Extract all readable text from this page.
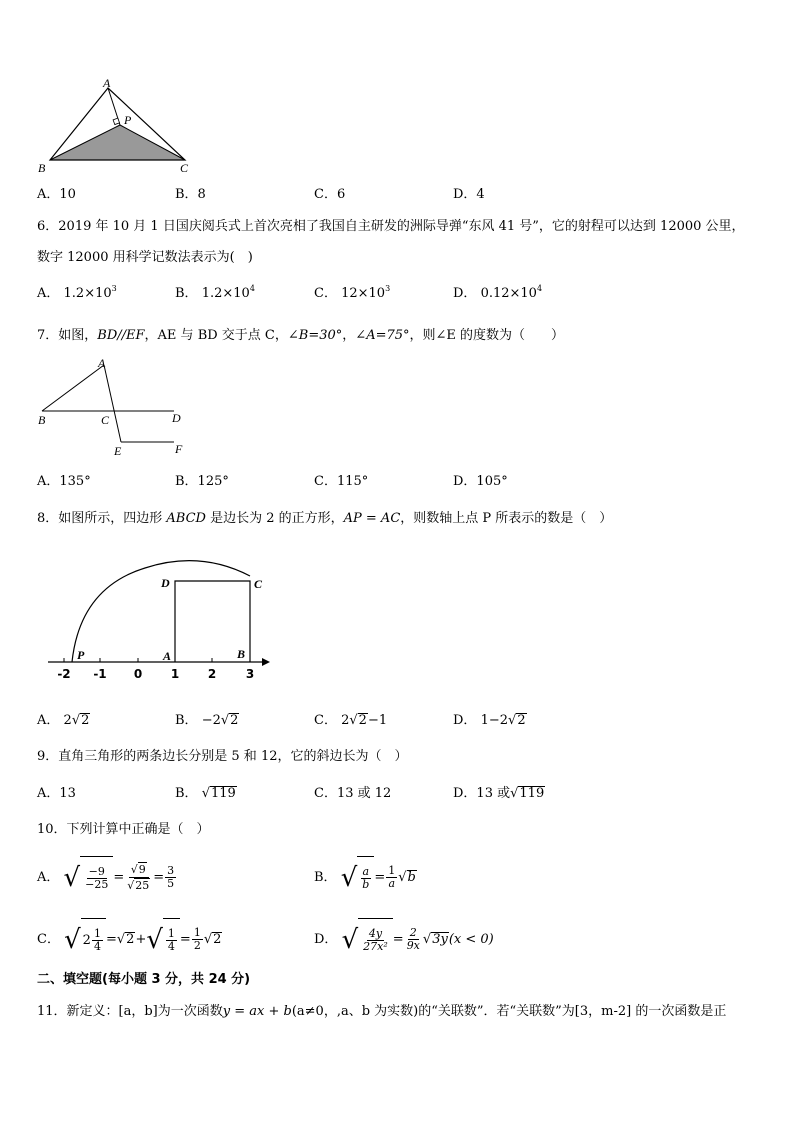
A
P
B	C
A．10	B．8	C．6	D．4
6．2019 年 10 月 1 日国庆阅兵式上首次亮相了我国自主研发的洲际导弹“东风 41 号”，它的射程可以达到 12000 公里，
数字 12000 用科学记数法表示为(　)
A． $1.2\times 10^3$	B． $1.2\times 10^4$	C． $12\times 10^3$	D． $0.12\times 10^4$
7．如图，BD//EF，AE 与 BD 交于点 C，∠B=30°，∠A=75°，则∠E 的度数为（　　）
A
B	C	D
E	F
A．135°	B．125°	C．115°	D．105°
8．如图所示，四边形 ABCD 是边长为 2 的正方形，AP = AC，则数轴上点 P 所表示的数是（　）
D	C
P	A	B
-2 -1 0 1 2 3
A． 2√2	B． −2√2	C． 2√2−1	D． 1−2√2
9．直角三角形的两条边长分别是 5 和 12，它的斜边长为（　）
A．13	B． √119	C．13 或 12	D．13 或√119
10．下列计算中正确是（　）
A． √ $\frac{-9}{-25} = \frac{√9}{√25} = \frac{3}{5}$	B． √ $\frac{a}{b} = \frac{1}{a} √b$
C． √ $2 \frac{1}{4} =√2+$ √ $\frac{1}{4} = \frac{1}{2} √2$	D． √ $\frac{4y}{\text{27x²}} = \frac{2}{9x} √3y(x < 0)$
二、填空题(每小题 3 分，共 24 分)
11．新定义：[a，b]为一次函数y = ax + b(a≠0，,a、b 为实数)的“关联数”．若“关联数”为[3，m-2] 的一次函数是正
